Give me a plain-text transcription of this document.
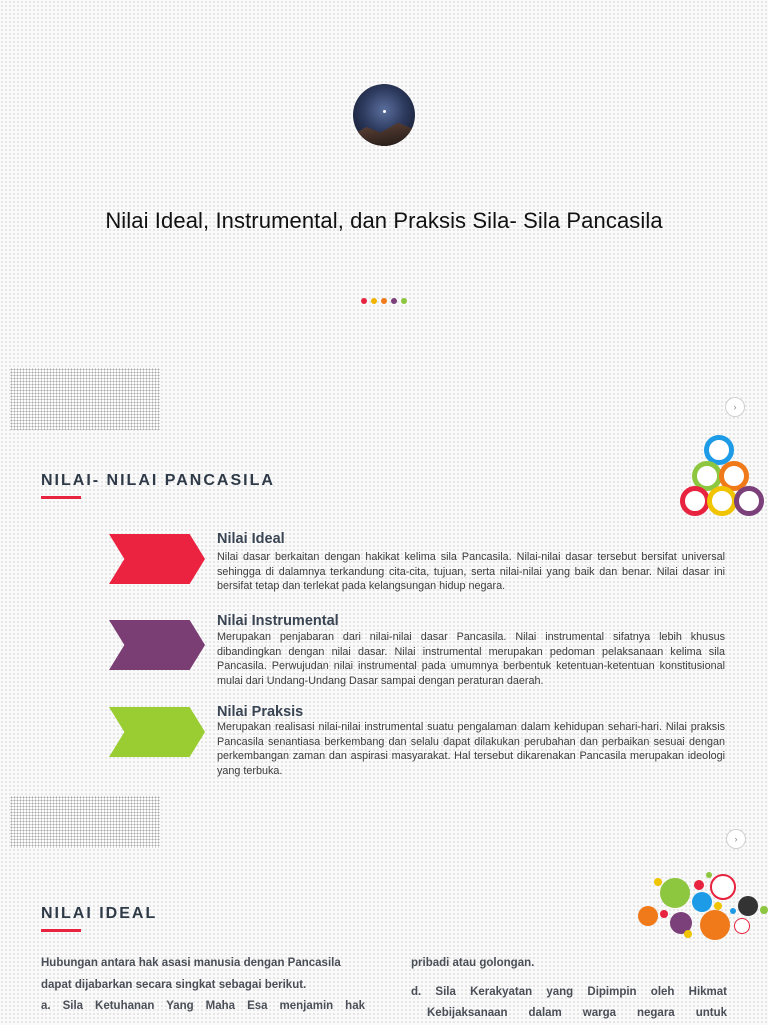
Nilai Ideal, Instrumental, dan Praksis Sila- Sila Pancasila
›
NILAI- NILAI PANCASILA
Nilai Ideal

Nilai dasar berkaitan dengan hakikat kelima sila Pancasila. Nilai-nilai dasar tersebut bersifat universal sehingga di dalamnya terkandung cita-cita, tujuan, serta nilai-nilai yang baik dan benar. Nilai dasar ini bersifat tetap dan terlekat pada kelangsungan hidup negara.

Nilai Instrumental

Merupakan penjabaran dari nilai-nilai dasar Pancasila. Nilai instrumental sifatnya lebih khusus dibandingkan dengan nilai dasar. Nilai instrumental merupakan pedoman pelaksanaan kelima sila Pancasila. Perwujudan nilai instrumental pada umumnya berbentuk ketentuan-ketentuan konstitusional mulai dari Undang-Undang Dasar sampai dengan peraturan daerah.

Nilai Praksis

Merupakan realisasi nilai-nilai instrumental suatu pengalaman dalam kehidupan sehari-hari. Nilai praksis Pancasila senantiasa berkembang dan selalu dapat dilakukan perubahan dan perbaikan sesuai dengan perkembangan zaman dan aspirasi masyarakat. Hal tersebut dikarenakan Pancasila merupakan ideologi yang terbuka.

›
NILAI IDEAL

Hubungan antara hak asasi manusia dengan Pancasila

dapat dijabarkan secara singkat sebagai berikut.

a. Sila Ketuhanan Yang Maha Esa menjamin hak

pribadi atau golongan.

d. Sila Kerakyatan yang Dipimpin oleh Hikmat

Kebijaksanaan dalam warga negara untuk
